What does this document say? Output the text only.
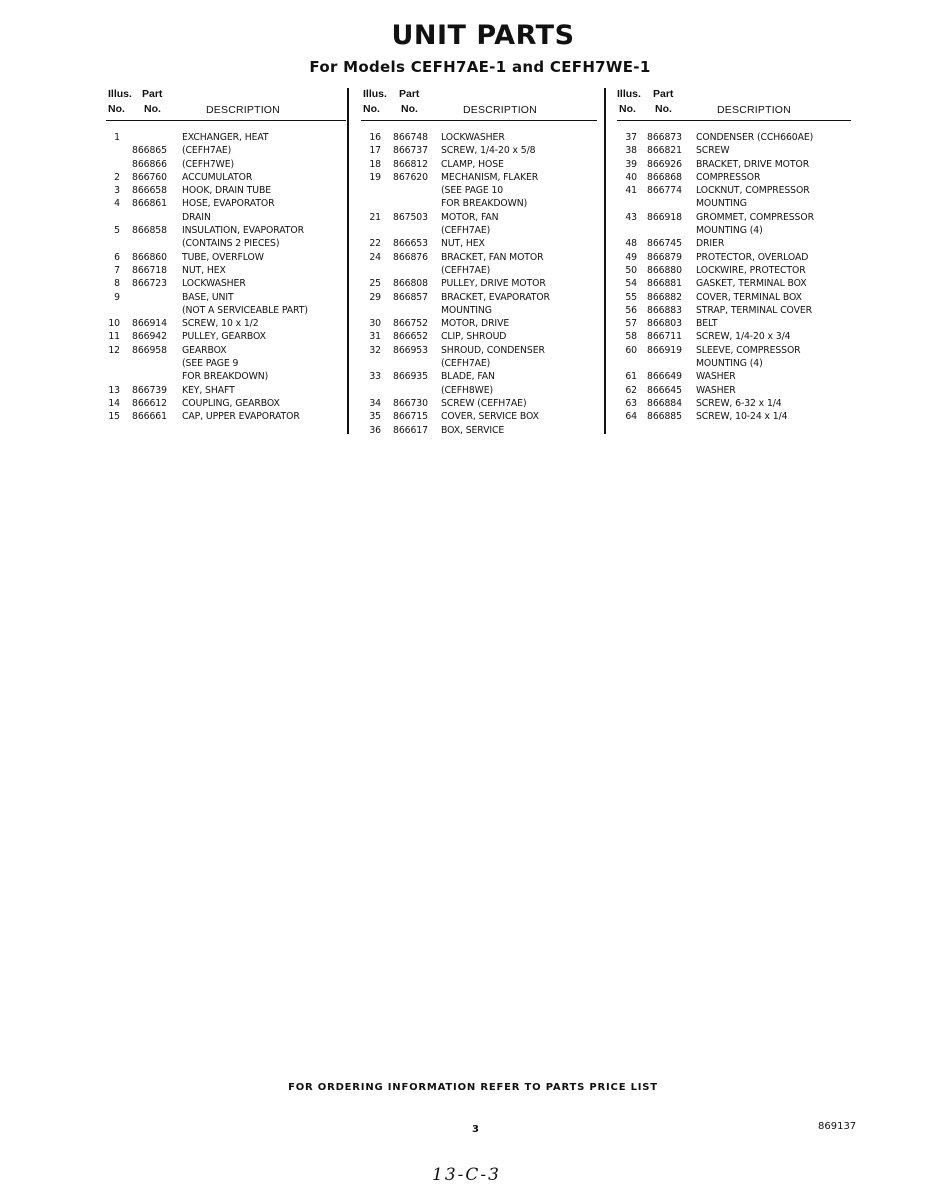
UNIT PARTS
For Models CEFH7AE-1 and CEFH7WE-1
Illus. Part
No. No.	DESCRIPTION
1	EXCHANGER, HEAT
866865 (CEFH7AE)
866866 (CEFH7WE)
2 866760 ACCUMULATOR
3 866658 HOOK, DRAIN TUBE
4 866861 HOSE, EVAPORATOR
DRAIN
5 866858 INSULATION, EVAPORATOR
(CONTAINS 2 PIECES)
6 866860 TUBE, OVERFLOW
7 866718 NUT, HEX
8 866723 LOCKWASHER
9	BASE, UNIT
(NOT A SERVICEABLE PART)
10 866914 SCREW, 10 x 1/2
11 866942 PULLEY, GEARBOX
12 866958 GEARBOX
(SEE PAGE 9
FOR BREAKDOWN)
13 866739 KEY, SHAFT
14 866612 COUPLING, GEARBOX
15 866661 CAP, UPPER EVAPORATOR
Illus. Part
No. No.	DESCRIPTION
16 866748 LOCKWASHER
17 866737 SCREW, 1/4-20 x 5/8
18 866812 CLAMP, HOSE
19 867620 MECHANISM, FLAKER
(SEE PAGE 10
FOR BREAKDOWN)
21 867503 MOTOR, FAN
(CEFH7AE)
22 866653 NUT, HEX
24 866876 BRACKET, FAN MOTOR
(CEFH7AE)
25 866808 PULLEY, DRIVE MOTOR
29 866857 BRACKET, EVAPORATOR
MOUNTING
30 866752 MOTOR, DRIVE
31 866652 CLIP, SHROUD
32 866953 SHROUD, CONDENSER
(CEFH7AE)
33 866935 BLADE, FAN
(CEFH8WE)
34 866730 SCREW (CEFH7AE)
35 866715 COVER, SERVICE BOX
36 866617 BOX, SERVICE
Illus. Part
No. No.	DESCRIPTION
37 866873 CONDENSER (CCH660AE)
38 866821 SCREW
39 866926 BRACKET, DRIVE MOTOR
40 866868 COMPRESSOR
41 866774 LOCKNUT, COMPRESSOR
MOUNTING
43 866918 GROMMET, COMPRESSOR
MOUNTING (4)
48 866745 DRIER
49 866879 PROTECTOR, OVERLOAD
50 866880 LOCKWIRE, PROTECTOR
54 866881 GASKET, TERMINAL BOX
55 866882 COVER, TERMINAL BOX
56 866883 STRAP, TERMINAL COVER
57 866803 BELT
58 866711 SCREW, 1/4-20 x 3/4
60 866919 SLEEVE, COMPRESSOR
MOUNTING (4)
61 866649 WASHER
62 866645 WASHER
63 866884 SCREW, 6-32 x 1/4
64 866885 SCREW, 10-24 x 1/4
FOR ORDERING INFORMATION REFER TO PARTS PRICE LIST
3	869137
13-C-3
